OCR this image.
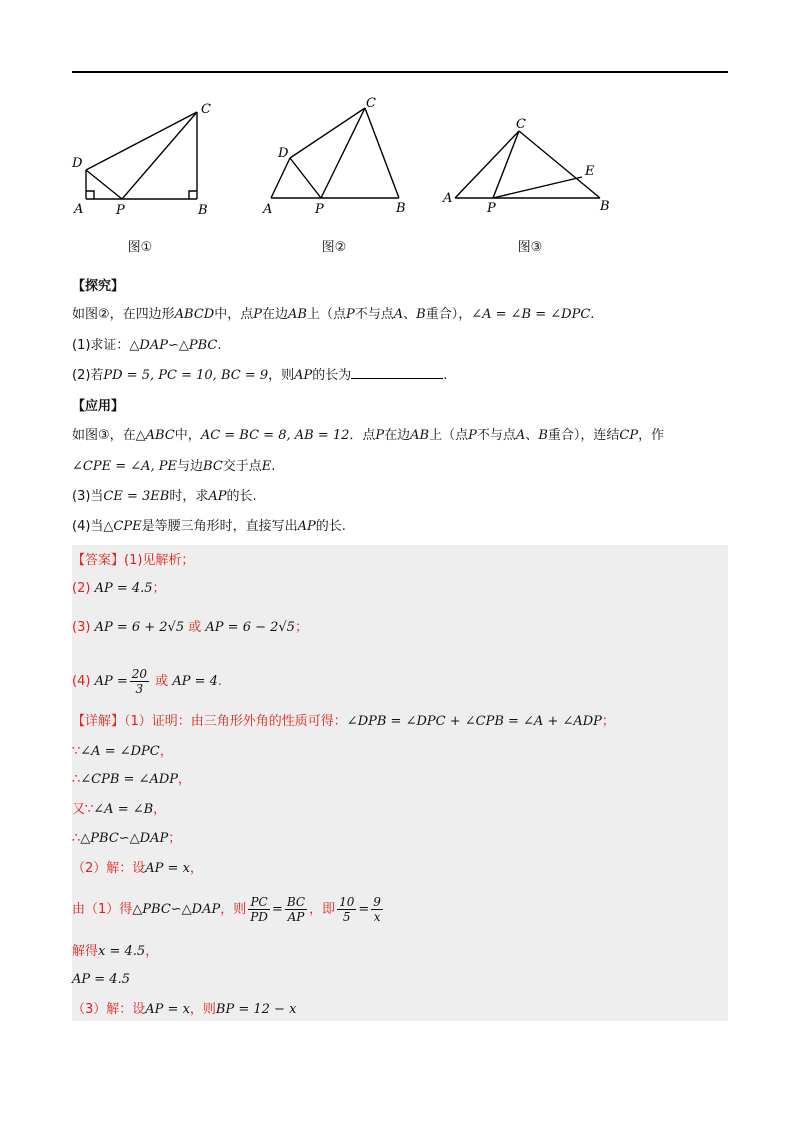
C
D
A	P	B
C
D
A	P	B
C
E
A
P	B
图①	图②	图③
【探究】
如图②，在四边形ABCD中，点P在边AB上（点P不与点A、B重合），∠A = ∠B = ∠DPC.
(1)求证：△DAP∽△PBC.
(2)若PD = 5, PC = 10, BC = 9，则AP的长为	.
【应用】
如图③，在△ABC中，AC = BC = 8, AB = 12．点P在边AB上（点P不与点A、B重合），连结CP，作
∠CPE = ∠A, PE与边BC交于点E.
(3)当CE = 3EB时，求AP的长.
(4)当△CPE是等腰三角形时，直接写出AP的长.
【答案】(1)见解析；
(2) AP = 4.5；
(3) AP = 6 + 2√5 或 AP = 6 − 2√5；
(4) AP = $\frac{20}{3}$ 或 AP = 4.
【详解】（1）证明：由三角形外角的性质可得：∠DPB = ∠DPC + ∠CPB = ∠A + ∠ADP；
∵∠A = ∠DPC，
∴∠CPB = ∠ADP，
又∵∠A = ∠B，
∴△PBC∽△DAP；
（2）解：设AP = x，
由（1）得△PBC∽△DAP，则 $\frac{PC}{PD} = \frac{BC}{AP}$ ，即 $\frac{10}{5} = \frac{9}{x}$
解得x = 4.5，
AP = 4.5
（3）解：设AP = x，则BP = 12 − x
